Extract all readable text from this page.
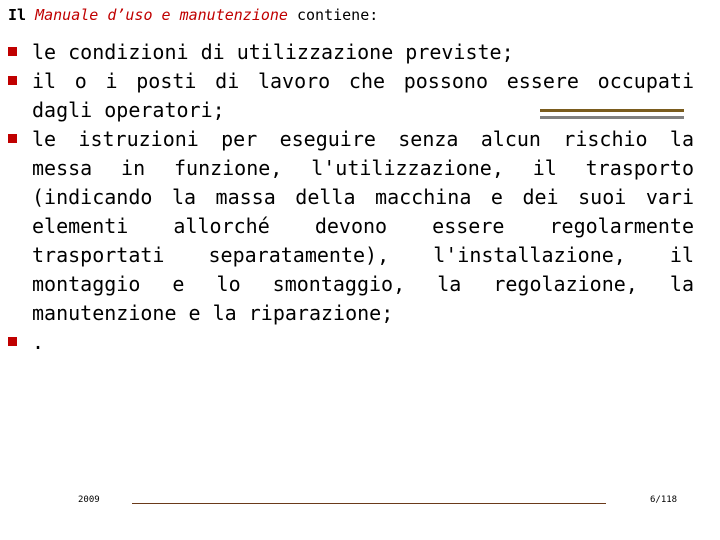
Il Manuale d’uso e manutenzione contiene:
le condizioni di utilizzazione previste;
il o i posti di lavoro che possono essere occupati
dagli operatori;
le istruzioni per eseguire senza alcun rischio la
messa in funzione, l'utilizzazione, il trasporto
(indicando la massa della macchina e dei suoi vari
elementi allorché devono essere regolarmente
trasportati separatamente), l'installazione, il
montaggio e lo smontaggio, la regolazione, la
manutenzione e la riparazione;
.
2009	6/118
